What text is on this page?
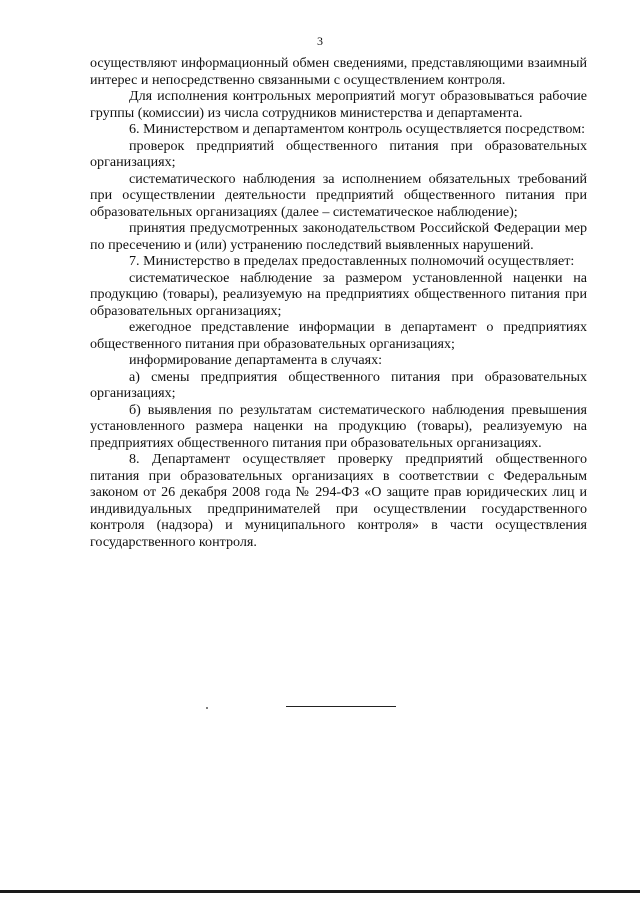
3

осуществляют информационный обмен сведениями, представляющими взаимный интерес и непосредственно связанными с осуществлением контроля.

Для исполнения контрольных мероприятий могут образовываться рабочие группы (комиссии) из числа сотрудников министерства и департамента.

6. Министерством и департаментом контроль осуществляется посредством:

проверок предприятий общественного питания при образовательных организациях;

систематического наблюдения за исполнением обязательных требований при осуществлении деятельности предприятий общественного питания при образовательных организациях (далее – систематическое наблюдение);

принятия предусмотренных законодательством Российской Федерации мер по пресечению и (или) устранению последствий выявленных нарушений.

7. Министерство в пределах предоставленных полномочий осуществляет:

систематическое наблюдение за размером установленной наценки на продукцию (товары), реализуемую на предприятиях общественного питания при образовательных организациях;

ежегодное представление информации в департамент о предприятиях общественного питания при образовательных организациях;

информирование департамента в случаях:

а) смены предприятия общественного питания при образовательных организациях;

б) выявления по результатам систематического наблюдения превышения установленного размера наценки на продукцию (товары), реализуемую на предприятиях общественного питания при образовательных организациях.

8. Департамент осуществляет проверку предприятий общественного питания при образовательных организациях в соответствии с Федеральным законом от 26 декабря 2008 года № 294-ФЗ «О защите прав юридических лиц и индивидуальных предпринимателей при осуществлении государственного контроля (надзора) и муниципального контроля» в части осуществления государственного контроля.
